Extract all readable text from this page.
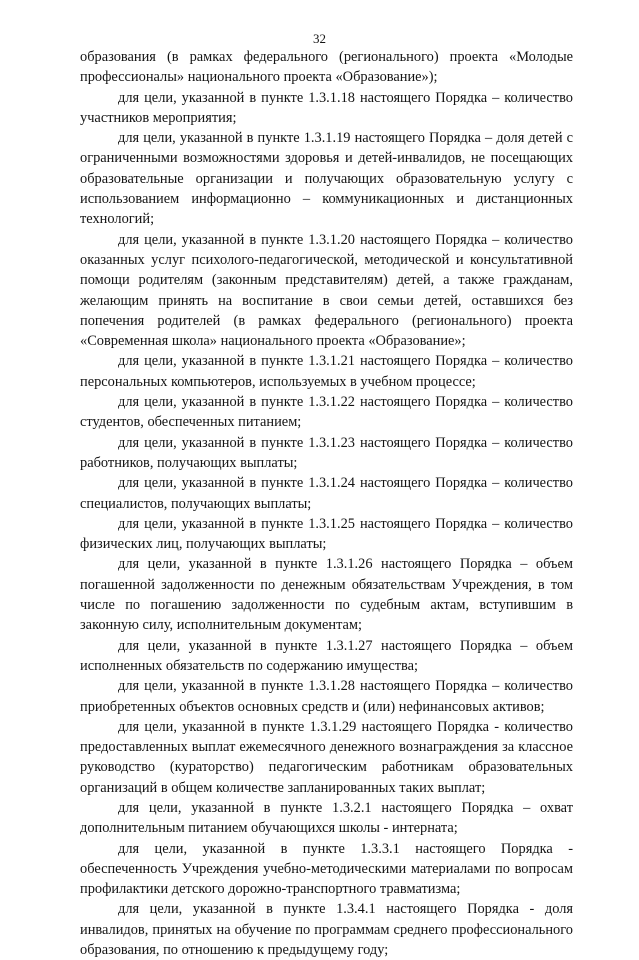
32
образования (в рамках федерального (регионального) проекта «Молодые
профессионалы» национального проекта «Образование»);
для цели, указанной в пункте 1.3.1.18 настоящего Порядка – количество
участников мероприятия;
для цели, указанной в пункте 1.3.1.19 настоящего Порядка – доля детей с
ограниченными возможностями здоровья и детей-инвалидов, не посещающих
образовательные организации и получающих образовательную услугу с
использованием информационно – коммуникационных и дистанционных
технологий;
для цели, указанной в пункте 1.3.1.20 настоящего Порядка – количество
оказанных услуг психолого-педагогической, методической и консультативной
помощи родителям (законным представителям) детей, а также гражданам,
желающим принять на воспитание в свои семьи детей, оставшихся без
попечения родителей (в рамках федерального (регионального) проекта
«Современная школа» национального проекта «Образование»;
для цели, указанной в пункте 1.3.1.21 настоящего Порядка – количество
персональных компьютеров, используемых в учебном процессе;
для цели, указанной в пункте 1.3.1.22 настоящего Порядка – количество
студентов, обеспеченных питанием;
для цели, указанной в пункте 1.3.1.23 настоящего Порядка – количество
работников, получающих выплаты;
для цели, указанной в пункте 1.3.1.24 настоящего Порядка – количество
специалистов, получающих выплаты;
для цели, указанной в пункте 1.3.1.25 настоящего Порядка – количество
физических лиц, получающих выплаты;
для цели, указанной в пункте 1.3.1.26 настоящего Порядка – объем
погашенной задолженности по денежным обязательствам Учреждения, в том
числе по погашению задолженности по судебным актам, вступившим в
законную силу, исполнительным документам;
для цели, указанной в пункте 1.3.1.27 настоящего Порядка – объем
исполненных обязательств по содержанию имущества;
для цели, указанной в пункте 1.3.1.28 настоящего Порядка – количество
приобретенных объектов основных средств и (или) нефинансовых активов;
для цели, указанной в пункте 1.3.1.29 настоящего Порядка - количество
предоставленных выплат ежемесячного денежного вознаграждения за классное
руководство (кураторство) педагогическим работникам образовательных
организаций в общем количестве запланированных таких выплат;
для цели, указанной в пункте 1.3.2.1 настоящего Порядка – охват
дополнительным питанием обучающихся школы - интерната;
для цели, указанной в пункте 1.3.3.1 настоящего Порядка -
обеспеченность Учреждения учебно-методическими материалами по вопросам
профилактики детского дорожно-транспортного травматизма;
для цели, указанной в пункте 1.3.4.1 настоящего Порядка - доля
инвалидов, принятых на обучение по программам среднего профессионального
образования, по отношению к предыдущему году;
